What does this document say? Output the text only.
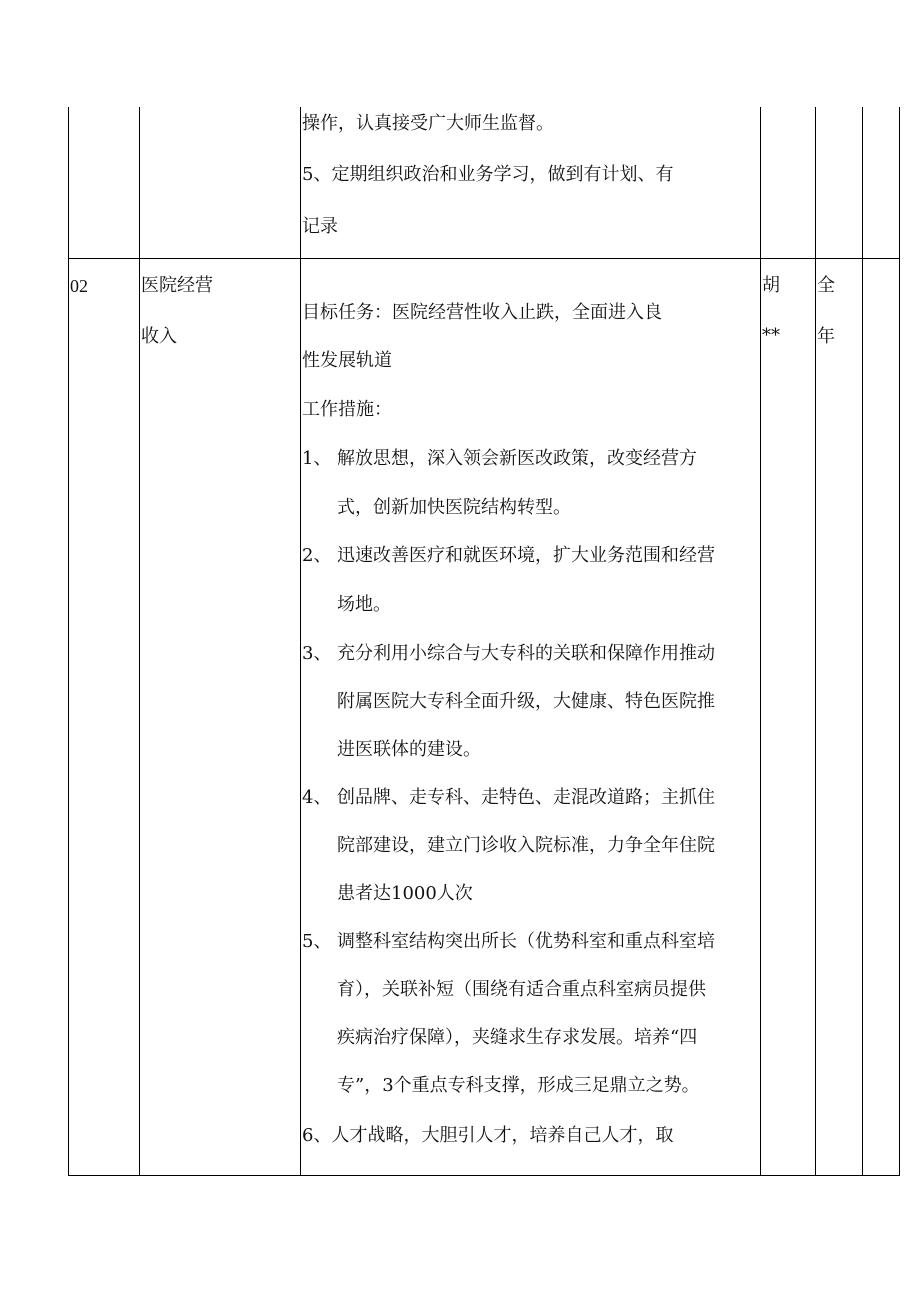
操作，认真接受广大师生监督。
5、定期组织政治和业务学习，做到有计划、有
记录
02	医院经营
收入
胡
**
全
年
目标任务：医院经营性收入止跌，全面进入良
性发展轨道
工作措施：
1、 解放思想，深入领会新医改政策，改变经营方
式，创新加快医院结构转型。
2、 迅速改善医疗和就医环境，扩大业务范围和经营
场地。
3、 充分利用小综合与大专科的关联和保障作用推动
附属医院大专科全面升级，大健康、特色医院推
进医联体的建设。
4、 创品牌、走专科、走特色、走混改道路；主抓住
院部建设，建立门诊收入院标准，力争全年住院
患者达1000人次
5、 调整科室结构突出所长（优势科室和重点科室培
育），关联补短（围绕有适合重点科室病员提供
疾病治疗保障），夹缝求生存求发展。培养“四
专”，3个重点专科支撑，形成三足鼎立之势。
6、人才战略，大胆引人才，培养自己人才，取
